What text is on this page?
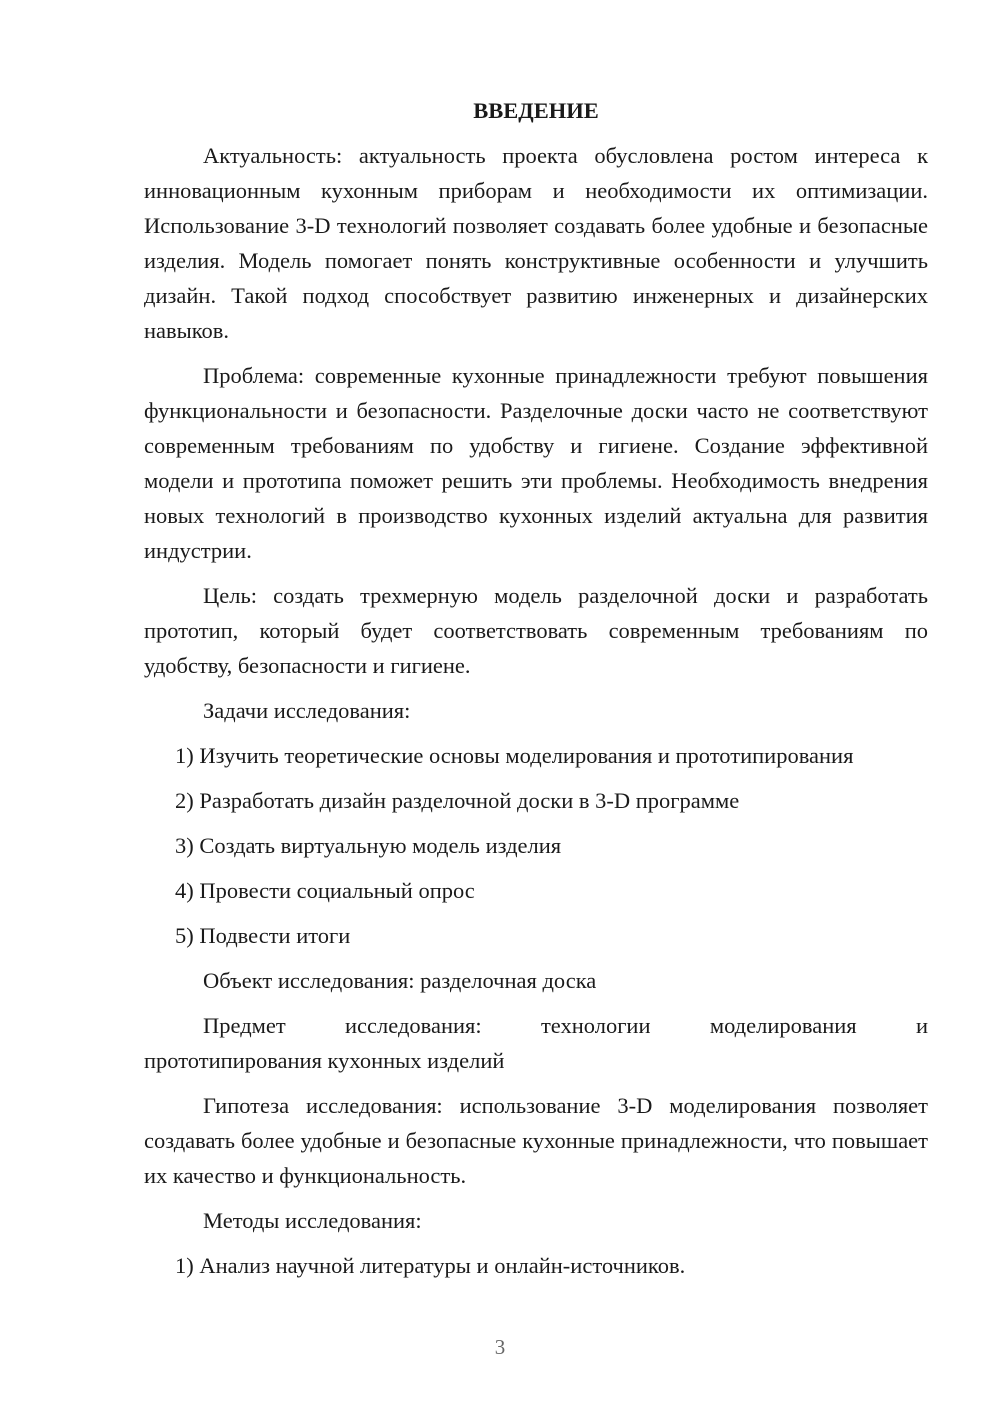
ВВЕДЕНИЕ

Актуальность: актуальность проекта обусловлена ростом интереса к инновационным кухонным приборам и необходимости их оптимизации. Использование 3-D технологий позволяет создавать более удобные и безопасные изделия. Модель помогает понять конструктивные особенности и улучшить дизайн. Такой подход способствует развитию инженерных и дизайнерских навыков.

Проблема: современные кухонные принадлежности требуют повышения функциональности и безопасности. Разделочные доски часто не соответствуют современным требованиям по удобству и гигиене. Создание эффективной модели и прототипа поможет решить эти проблемы. Необходимость внедрения новых технологий в производство кухонных изделий актуальна для развития индустрии.

Цель: создать трехмерную модель разделочной доски и разработать прототип, который будет соответствовать современным требованиям по удобству, безопасности и гигиене.

Задачи исследования:

1) Изучить теоретические основы моделирования и прототипирования

2) Разработать дизайн разделочной доски в 3-D программе

3) Создать виртуальную модель изделия

4) Провести социальный опрос

5) Подвести итоги

Объект исследования: разделочная доска

Предмет исследования: технологии моделирования и

прототипирования кухонных изделий

Гипотеза исследования: использование 3-D моделирования позволяет создавать более удобные и безопасные кухонные принадлежности, что повышает их качество и функциональность.

Методы исследования:

1) Анализ научной литературы и онлайн-источников.

3
